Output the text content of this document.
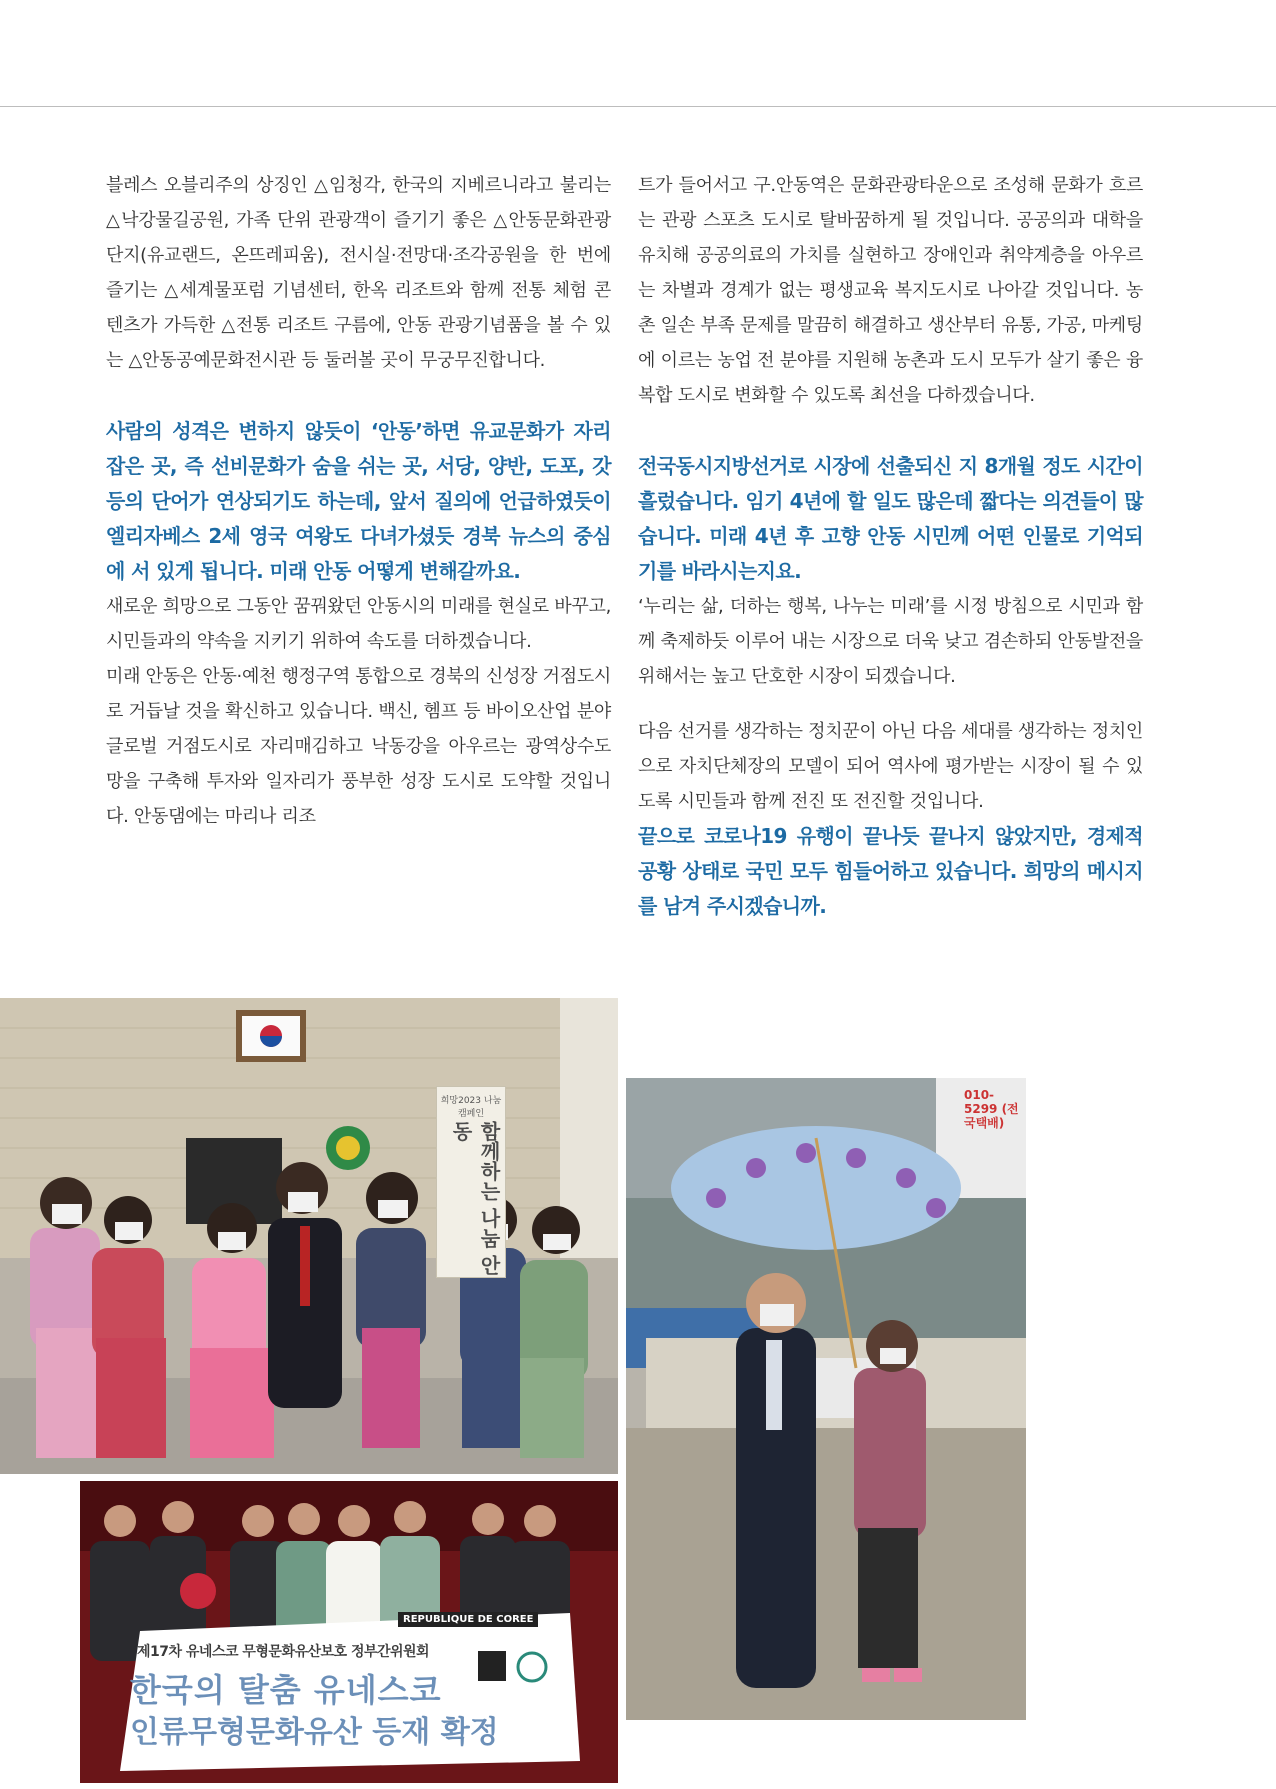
블레스 오블리주의 상징인 △임청각, 한국의 지베르니라고 불리는 △낙강물길공원, 가족 단위 관광객이 즐기기 좋은 △안동문화관광단지(유교랜드, 온뜨레피움), 전시실·전망대·조각공원을 한 번에 즐기는 △세계물포럼 기념센터, 한옥 리조트와 함께 전통 체험 콘텐츠가 가득한 △전통 리조트 구름에, 안동 관광기념품을 볼 수 있는 △안동공예문화전시관 등 둘러볼 곳이 무궁무진합니다.

사람의 성격은 변하지 않듯이 ‘안동’하면 유교문화가 자리 잡은 곳, 즉 선비문화가 숨을 쉬는 곳, 서당, 양반, 도포, 갓 등의 단어가 연상되기도 하는데, 앞서 질의에 언급하였듯이 엘리자베스 2세 영국 여왕도 다녀가셨듯 경북 뉴스의 중심에 서 있게 됩니다. 미래 안동 어떻게 변해갈까요.

새로운 희망으로 그동안 꿈꿔왔던 안동시의 미래를 현실로 바꾸고, 시민들과의 약속을 지키기 위하여 속도를 더하겠습니다.

미래 안동은 안동·예천 행정구역 통합으로 경북의 신성장 거점도시로 거듭날 것을 확신하고 있습니다. 백신, 헴프 등 바이오산업 분야 글로벌 거점도시로 자리매김하고 낙동강을 아우르는 광역상수도망을 구축해 투자와 일자리가 풍부한 성장 도시로 도약할 것입니다. 안동댐에는 마리나 리조

트가 들어서고 구.안동역은 문화관광타운으로 조성해 문화가 흐르는 관광 스포츠 도시로 탈바꿈하게 될 것입니다. 공공의과 대학을 유치해 공공의료의 가치를 실현하고 장애인과 취약계층을 아우르는 차별과 경계가 없는 평생교육 복지도시로 나아갈 것입니다. 농촌 일손 부족 문제를 말끔히 해결하고 생산부터 유통, 가공, 마케팅에 이르는 농업 전 분야를 지원해 농촌과 도시 모두가 살기 좋은 융복합 도시로 변화할 수 있도록 최선을 다하겠습니다.

전국동시지방선거로 시장에 선출되신 지 8개월 정도 시간이 흘렀습니다. 임기 4년에 할 일도 많은데 짧다는 의견들이 많습니다. 미래 4년 후 고향 안동 시민께 어떤 인물로 기억되기를 바라시는지요.

‘누리는 삶, 더하는 행복, 나누는 미래’를 시정 방침으로 시민과 함께 축제하듯 이루어 내는 시장으로 더욱 낮고 겸손하되 안동발전을 위해서는 높고 단호한 시장이 되겠습니다.

다음 선거를 생각하는 정치꾼이 아닌 다음 세대를 생각하는 정치인으로 자치단체장의 모델이 되어 역사에 평가받는 시장이 될 수 있도록 시민들과 함께 전진 또 전진할 것입니다.

끝으로 코로나19 유행이 끝나듯 끝나지 않았지만, 경제적 공황 상태로 국민 모두 힘들어하고 있습니다. 희망의 메시지를 남겨 주시겠습니까.

희망2023 나눔캠페인
함께하는 나눔 안동
010-5299 (전국택배)
REPUBLIQUE DE COREE
제17차 유네스코 무형문화유산보호 정부간위원회
한국의 탈춤 유네스코
인류무형문화유산 등재 확정
